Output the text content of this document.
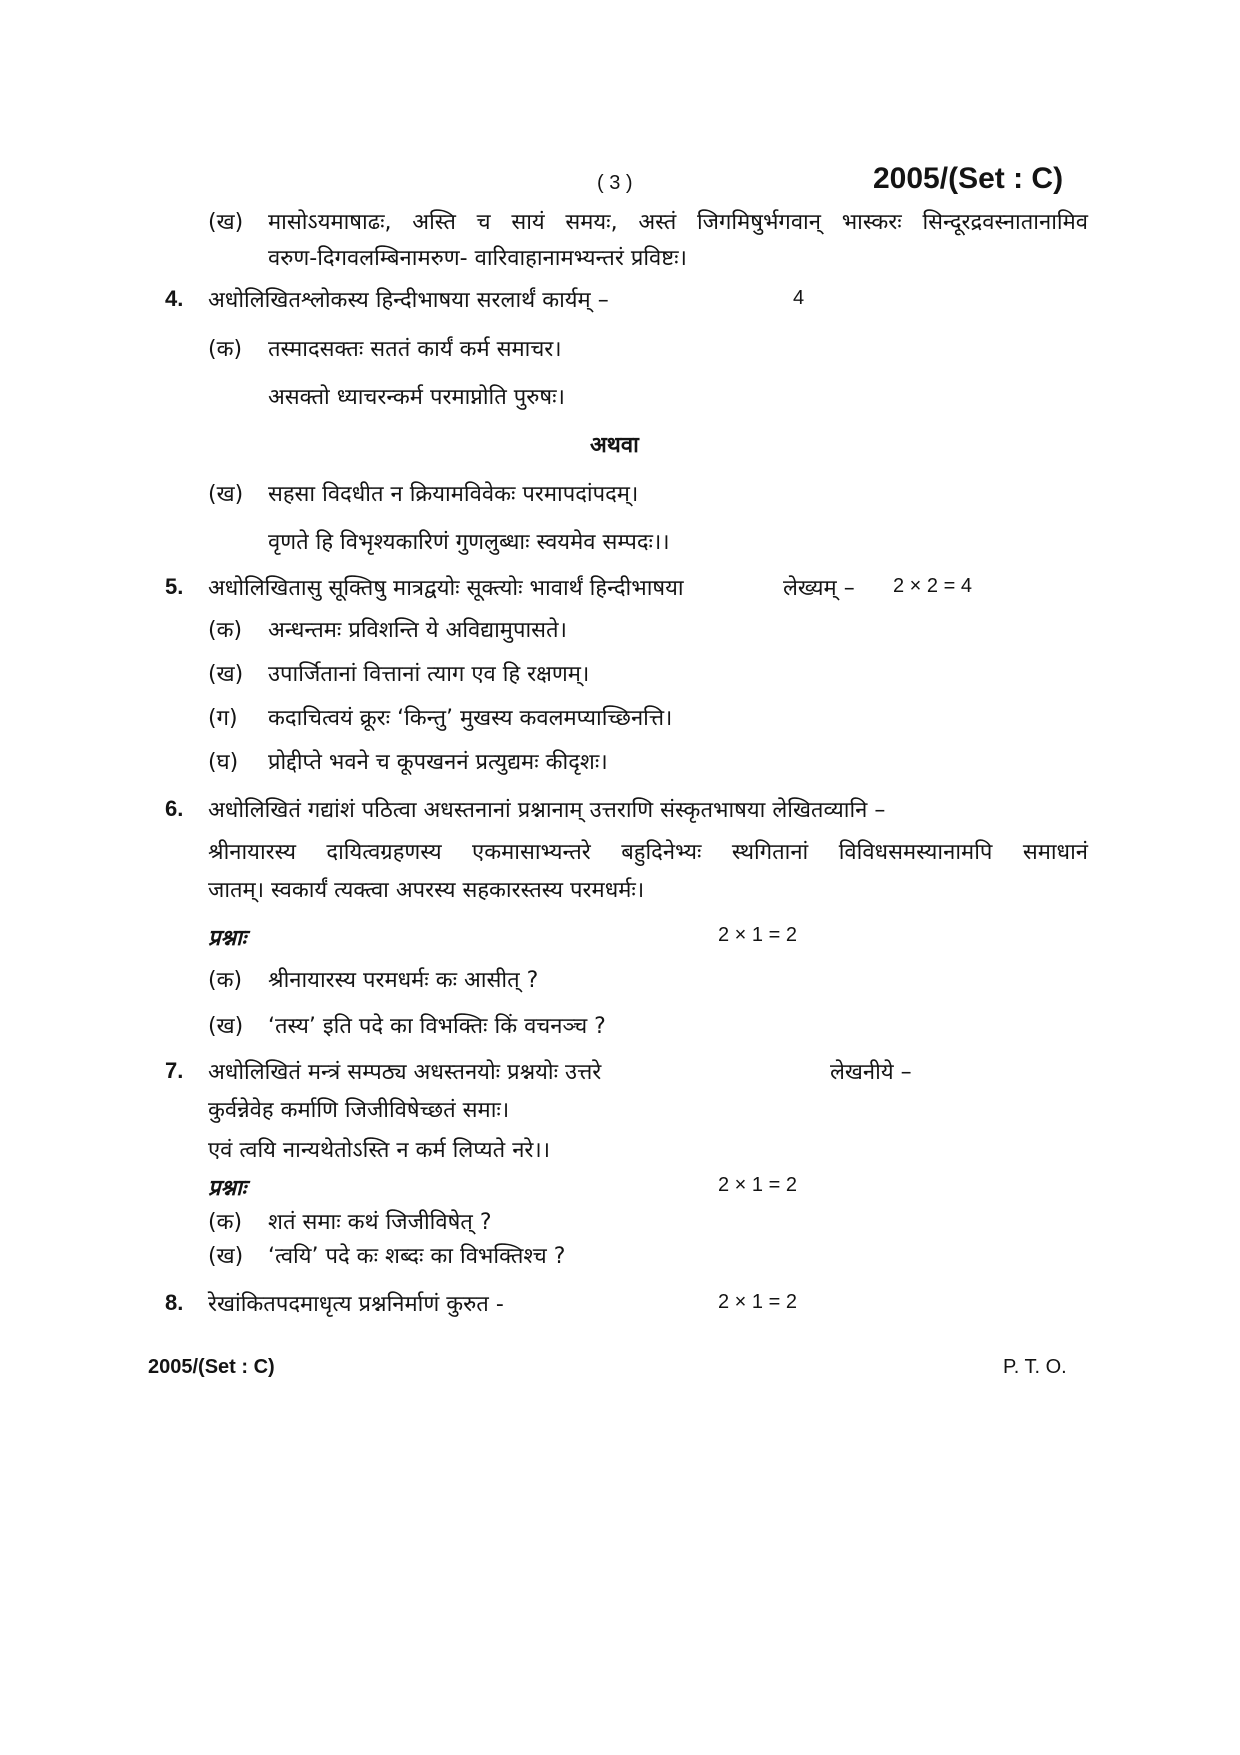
( 3 )	2005/(Set : C)
(ख) मासोऽयमाषाढः, अस्ति च सायं समयः, अस्तं जिगमिषुर्भगवान् भास्करः सिन्दूरद्रवस्नातानामिव
वरुण-दिगवलम्बिनामरुण- वारिवाहानामभ्यन्तरं प्रविष्टः।
4. अधोलिखितश्लोकस्य हिन्दीभाषया सरलार्थं कार्यम् –	4
(क) तस्मादसक्तः सततं कार्यं कर्म समाचर।
असक्तो ध्याचरन्कर्म परमाप्नोति पुरुषः।
अथवा
(ख) सहसा विदधीत न क्रियामविवेकः परमापदांपदम्।
वृणते हि विभृश्यकारिणं गुणलुब्धाः स्वयमेव सम्पदः।।
5. अधोलिखितासु सूक्तिषु मात्रद्वयोः सूक्त्योः भावार्थं हिन्दीभाषया	लेख्यम् – 2 × 2 = 4
(क) अन्धन्तमः प्रविशन्ति ये अविद्यामुपासते।
(ख) उपार्जितानां वित्तानां त्याग एव हि रक्षणम्।
(ग) कदाचित्वयं क्रूरः ‘किन्तु’ मुखस्य कवलमप्याच्छिनत्ति।
(घ) प्रोद्दीप्ते भवने च कूपखननं प्रत्युद्यमः कीदृशः।
6. अधोलिखितं गद्यांशं पठित्वा अधस्तनानां प्रश्नानाम् उत्तराणि संस्कृतभाषया लेखितव्यानि –
श्रीनायारस्य दायित्वग्रहणस्य एकमासाभ्यन्तरे बहुदिनेभ्यः स्थगितानां विविधसमस्यानामपि समाधानं
जातम्। स्वकार्यं त्यक्त्वा अपरस्य सहकारस्तस्य परमधर्मः।
प्रश्नाः	2 × 1 = 2
(क) श्रीनायारस्य परमधर्मः कः आसीत् ?
(ख) ‘तस्य’ इति पदे का विभक्तिः किं वचनञ्च ?
7. अधोलिखितं मन्त्रं सम्पठ्य अधस्तनयोः प्रश्नयोः उत्तरे	लेखनीये –
कुर्वन्नेवेह कर्माणि जिजीविषेच्छतं समाः।
एवं त्वयि नान्यथेतोऽस्ति न कर्म लिप्यते नरे।।
प्रश्नाः	2 × 1 = 2
(क) शतं समाः कथं जिजीविषेत् ?
(ख) ‘त्वयि’ पदे कः शब्दः का विभक्तिश्च ?
8. रेखांकितपदमाधृत्य प्रश्ननिर्माणं कुरुत -	2 × 1 = 2
2005/(Set : C)	P. T. O.
